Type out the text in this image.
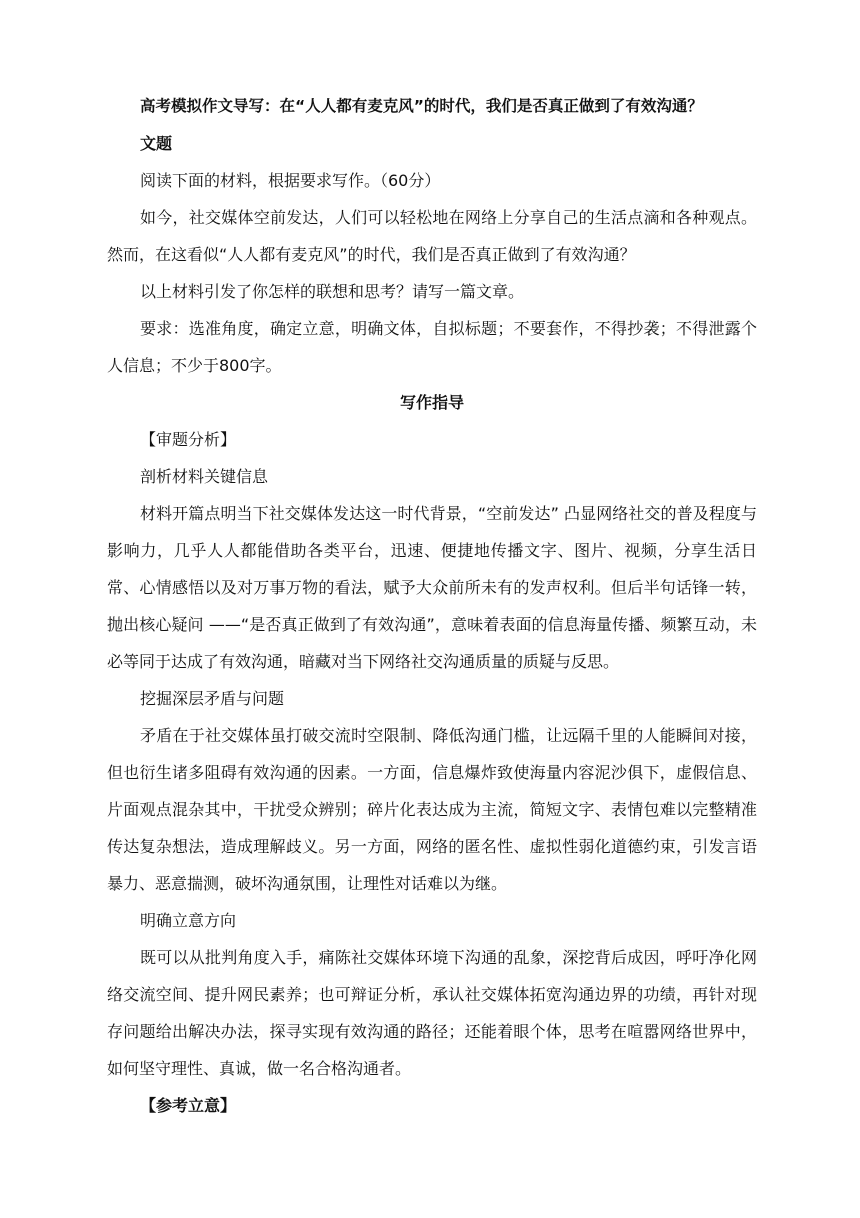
高考模拟作文导写：在“人人都有麦克风”的时代，我们是否真正做到了有效沟通？

文题

阅读下面的材料，根据要求写作。（60分）

如今，社交媒体空前发达，人们可以轻松地在网络上分享自己的生活点滴和各种观点。然而，在这看似“人人都有麦克风”的时代，我们是否真正做到了有效沟通？

以上材料引发了你怎样的联想和思考？请写一篇文章。

要求：选准角度，确定立意，明确文体，自拟标题；不要套作，不得抄袭；不得泄露个人信息；不少于800字。

写作指导

【审题分析】

剖析材料关键信息

材料开篇点明当下社交媒体发达这一时代背景，“空前发达” 凸显网络社交的普及程度与影响力，几乎人人都能借助各类平台，迅速、便捷地传播文字、图片、视频，分享生活日常、心情感悟以及对万事万物的看法，赋予大众前所未有的发声权利。但后半句话锋一转，抛出核心疑问 ——“是否真正做到了有效沟通”，意味着表面的信息海量传播、频繁互动，未必等同于达成了有效沟通，暗藏对当下网络社交沟通质量的质疑与反思。

挖掘深层矛盾与问题

矛盾在于社交媒体虽打破交流时空限制、降低沟通门槛，让远隔千里的人能瞬间对接，但也衍生诸多阻碍有效沟通的因素。一方面，信息爆炸致使海量内容泥沙俱下，虚假信息、片面观点混杂其中，干扰受众辨别；碎片化表达成为主流，简短文字、表情包难以完整精准传达复杂想法，造成理解歧义。另一方面，网络的匿名性、虚拟性弱化道德约束，引发言语暴力、恶意揣测，破坏沟通氛围，让理性对话难以为继。

明确立意方向

既可以从批判角度入手，痛陈社交媒体环境下沟通的乱象，深挖背后成因，呼吁净化网络交流空间、提升网民素养；也可辩证分析，承认社交媒体拓宽沟通边界的功绩，再针对现存问题给出解决办法，探寻实现有效沟通的路径；还能着眼个体，思考在喧嚣网络世界中，如何坚守理性、真诚，做一名合格沟通者。

【参考立意】
